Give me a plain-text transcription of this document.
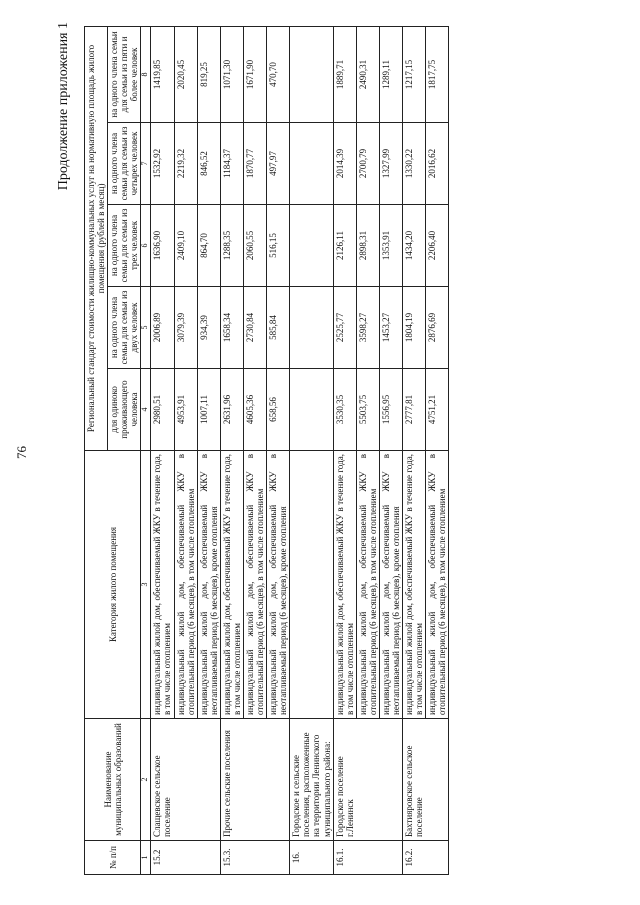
76
Продолжение приложения 1
№ п/п	Наименование муниципальных образований	Категория жилого помещения	Региональный стандарт стоимости жилищно-коммунальных услуг на нормативную площадь жилого помещения (рублей в месяц)				
			для одиноко проживающего человека	на одного члена семьи для семьи из двух человек	на одного члена семьи для семьи из трех человек	на одного члена семьи для семьи из четырех человек	на одного члена семьи для семьи из пяти и более человек
1	2	3	4	5	6	7	8
15.2	Слащевское сельское поселение	индивидуальный жилой дом, обеспечиваемый ЖКУ в течение года, в том числе отоплением	2980,51	2006,89	1636,90	1532,92	1419,85
		индивидуальный жилой дом, обеспечиваемый ЖКУ в отопительный период (6 месяцев), в том числе отоплением	4953,91	3079,39	2409,10	2219,32	2020,45
		индивидуальный жилой дом, обеспечиваемый ЖКУ в неотапливаемый период (6 месяцев), кроме отопления	1007,11	934,39	864,70	846,52	819,25
15.3.	Прочие сельские поселения	индивидуальный жилой дом, обеспечиваемый ЖКУ в течение года, в том числе отоплением	2631,96	1658,34	1288,35	1184,37	1071,30
		индивидуальный жилой дом, обеспечиваемый ЖКУ в отопительный период (6 месяцев), в том числе отоплением	4605,36	2730,84	2060,55	1870,77	1671,90
		индивидуальный жилой дом, обеспечиваемый ЖКУ в неотапливаемый период (6 месяцев), кроме отопления	658,56	585,84	516,15	497,97	470,70
16.	Городское и сельские поселения, расположенные на территории Ленинского муниципального района:						
16.1.	Городское поселение г.Ленинск	индивидуальный жилой дом, обеспечиваемый ЖКУ в течение года, в том числе отоплением	3530,35	2525,77	2126,11	2014,39	1889,71
		индивидуальный жилой дом, обеспечиваемый ЖКУ в отопительный период (6 месяцев), в том числе отоплением	5503,75	3598,27	2898,31	2700,79	2490,31
		индивидуальный жилой дом, обеспечиваемый ЖКУ в неотапливаемый период (6 месяцев), кроме отопления	1556,95	1453,27	1353,91	1327,99	1289,11
16.2.	Бахтияровское сельское поселение	индивидуальный жилой дом, обеспечиваемый ЖКУ в течение года, в том числе отоплением	2777,81	1804,19	1434,20	1330,22	1217,15
		индивидуальный жилой дом, обеспечиваемый ЖКУ в отопительный период (6 месяцев), в том числе отоплением	4751,21	2876,69	2206,40	2016,62	1817,75
